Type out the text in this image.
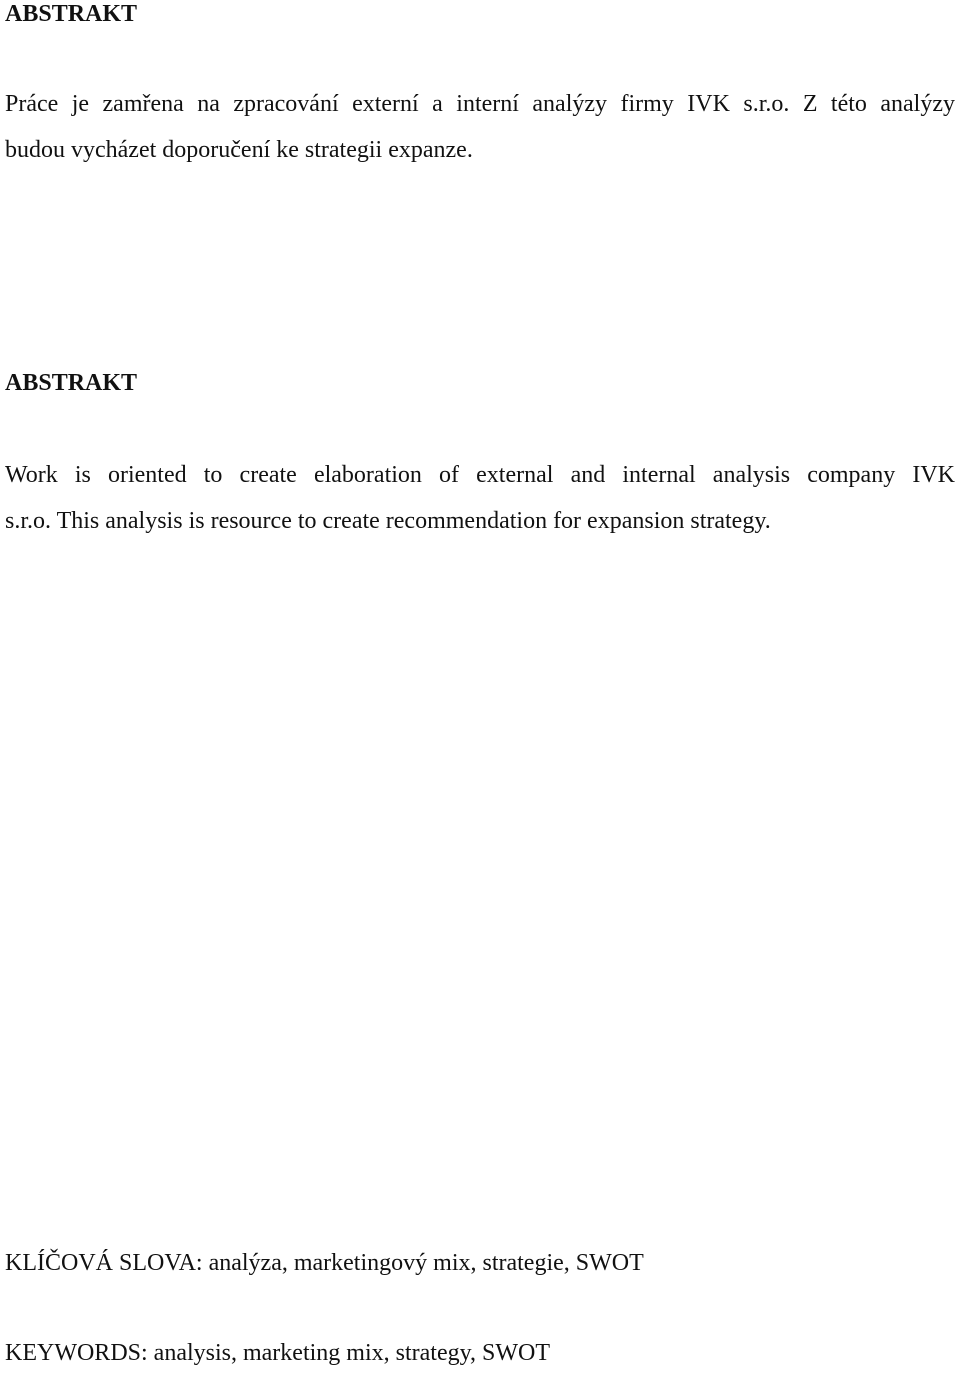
ABSTRAKT
Práce je zamřena na zpracování externí a interní analýzy firmy IVK s.r.o. Z této analýzy
budou vycházet doporučení ke strategii expanze.
ABSTRAKT
Work is oriented to create elaboration of external and internal analysis company IVK
s.r.o. This analysis is resource to create recommendation for expansion strategy.

KLÍČOVÁ SLOVA: analýza, marketingový mix, strategie, SWOT

KEYWORDS: analysis, marketing mix, strategy, SWOT
